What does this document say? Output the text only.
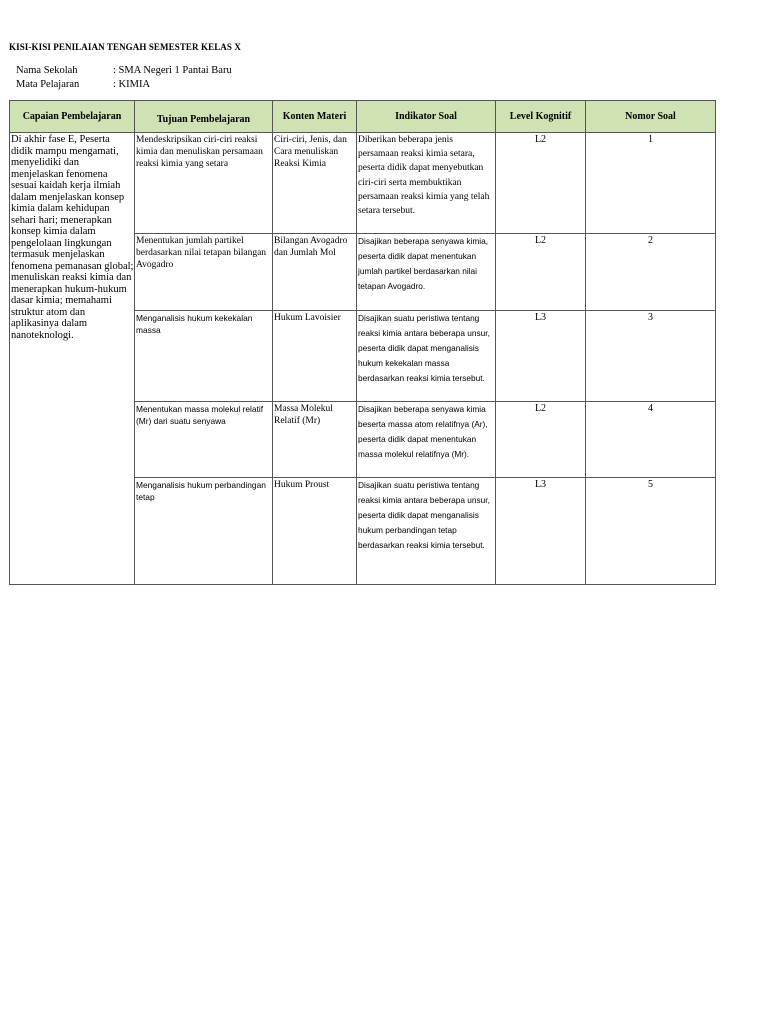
KISI-KISI PENILAIAN TENGAH SEMESTER KELAS X
Nama Sekolah	: SMA Negeri 1 Pantai Baru
Mata Pelajaran	: KIMIA
Capaian Pembelajaran	Tujuan Pembelajaran	Konten Materi	Indikator Soal	Level Kognitif	Nomor Soal
Di akhir fase E, Peserta didik mampu mengamati, menyelidiki dan menjelaskan fenomena sesuai kaidah kerja ilmiah dalam menjelaskan konsep kimia dalam kehidupan sehari hari; menerapkan konsep kimia dalam pengelolaan lingkungan termasuk menjelaskan fenomena pemanasan global; menuliskan reaksi kimia dan menerapkan hukum-hukum dasar kimia; memahami struktur atom dan aplikasinya dalam nanoteknologi.	Mendeskripsikan ciri-ciri reaksi kimia dan menuliskan persamaan reaksi kimia yang setara	Ciri-ciri, Jenis, dan Cara menuliskan Reaksi Kimia	Diberikan beberapa jenis persamaan reaksi kimia setara, peserta didik dapat menyebutkan ciri-ciri serta membuktikan persamaan reaksi kimia yang telah setara tersebut.	L2	1
	Menentukan jumlah partikel berdasarkan nilai tetapan bilangan Avogadro	Bilangan Avogadro dan Jumlah Mol	Disajikan beberapa senyawa kimia, peserta didik dapat menentukan jumlah partikel berdasarkan nilai tetapan Avogadro.	L2	2
	Menganalisis hukum kekekalan massa	Hukum Lavoisier	Disajikan suatu peristiwa tentang reaksi kimia antara beberapa unsur, peserta didik dapat menganalisis hukum kekekalan massa berdasarkan reaksi kimia tersebut.	L3	3
	Menentukan massa molekul relatif (Mr) dari suatu senyawa	Massa Molekul Relatif (Mr)	Disajikan beberapa senyawa kimia beserta massa atom relatifnya (Ar), peserta didik dapat menentukan massa molekul relatifnya (Mr).	L2	4
	Menganalisis hukum perbandingan tetap	Hukum Proust	Disajikan suatu peristiwa tentang reaksi kimia antara beberapa unsur, peserta didik dapat menganalisis hukum perbandingan tetap berdasarkan reaksi kimia tersebut.	L3	5
